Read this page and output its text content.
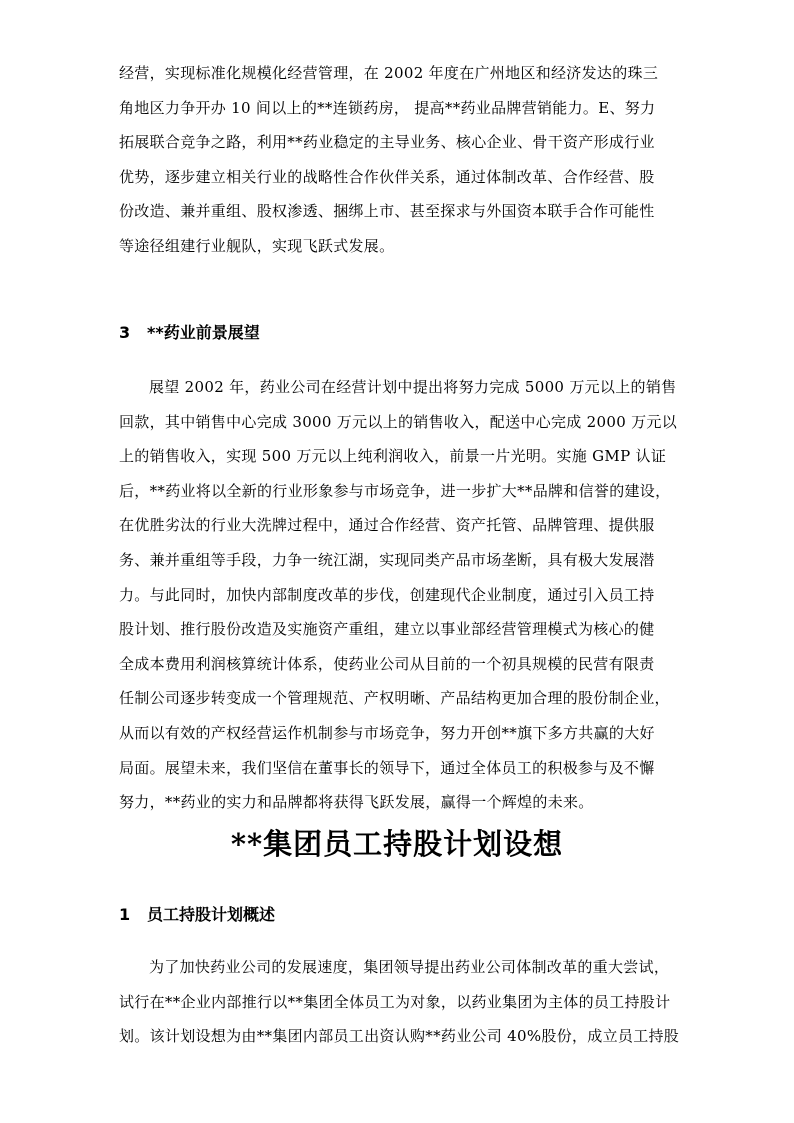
经营，实现标准化规模化经营管理，在 2002 年度在广州地区和经济发达的珠三
角地区力争开办 10 间以上的**连锁药房， 提高**药业品牌营销能力。E、努力
拓展联合竞争之路，利用**药业稳定的主导业务、核心企业、骨干资产形成行业
优势，逐步建立相关行业的战略性合作伙伴关系，通过体制改革、合作经营、股
份改造、兼并重组、股权渗透、捆绑上市、甚至探求与外国资本联手合作可能性
等途径组建行业舰队，实现飞跃式发展。
3 **药业前景展望
展望 2002 年，药业公司在经营计划中提出将努力完成 5000 万元以上的销售
回款，其中销售中心完成 3000 万元以上的销售收入，配送中心完成 2000 万元以
上的销售收入，实现 500 万元以上纯利润收入，前景一片光明。实施 GMP 认证
后，**药业将以全新的行业形象参与市场竞争，进一步扩大**品牌和信誉的建设，
在优胜劣汰的行业大洗牌过程中，通过合作经营、资产托管、品牌管理、提供服
务、兼并重组等手段，力争一统江湖，实现同类产品市场垄断，具有极大发展潜
力。与此同时，加快内部制度改革的步伐，创建现代企业制度，通过引入员工持
股计划、推行股份改造及实施资产重组，建立以事业部经营管理模式为核心的健
全成本费用利润核算统计体系，使药业公司从目前的一个初具规模的民营有限责
任制公司逐步转变成一个管理规范、产权明晰、产品结构更加合理的股份制企业，
从而以有效的产权经营运作机制参与市场竞争，努力开创**旗下多方共赢的大好
局面。展望未来，我们坚信在董事长的领导下，通过全体员工的积极参与及不懈
努力，**药业的实力和品牌都将获得飞跃发展，赢得一个辉煌的未来。
**集团员工持股计划设想
1 员工持股计划概述
为了加快药业公司的发展速度，集团领导提出药业公司体制改革的重大尝试，
试行在**企业内部推行以**集团全体员工为对象，以药业集团为主体的员工持股计
划。该计划设想为由**集团内部员工出资认购**药业公司 40%股份，成立员工持股
